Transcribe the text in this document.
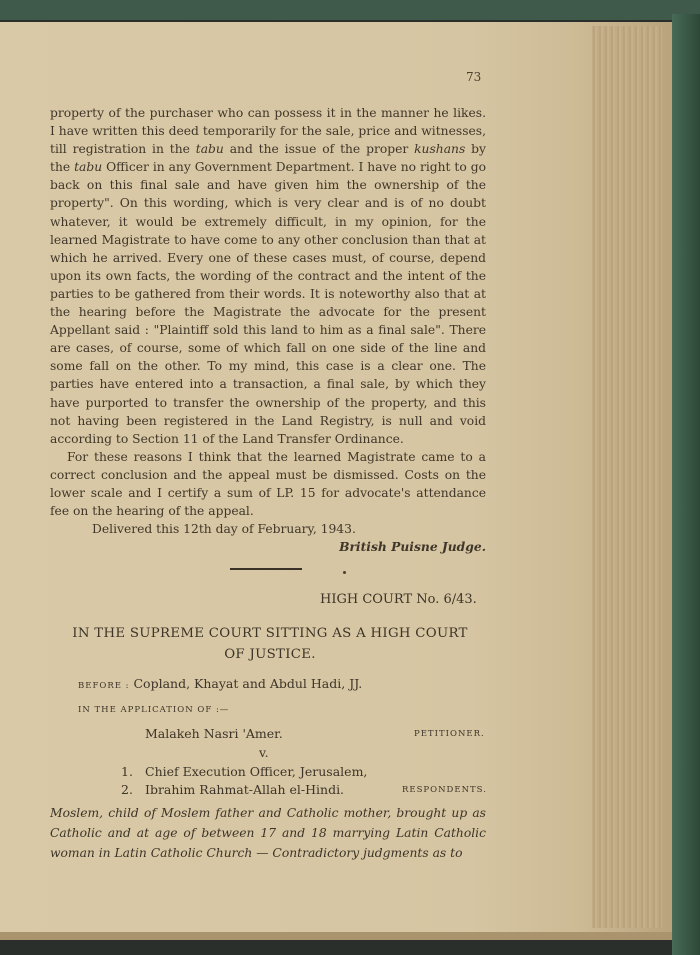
73

property of the purchaser who can possess it in the manner he likes. I have written this deed temporarily for the sale, price and witnesses, till registration in the tabu and the issue of the proper kushans by the tabu Officer in any Government Department. I have no right to go back on this final sale and have given him the ownership of the property". On this wording, which is very clear and is of no doubt whatever, it would be extremely difficult, in my opinion, for the learned Magistrate to have come to any other conclusion than that at which he arrived. Every one of these cases must, of course, depend upon its own facts, the wording of the contract and the intent of the parties to be gathered from their words. It is noteworthy also that at the hearing before the Magistrate the advocate for the present Appellant said : "Plaintiff sold this land to him as a final sale". There are cases, of course, some of which fall on one side of the line and some fall on the other. To my mind, this case is a clear one. The parties have entered into a transaction, a final sale, by which they have purported to transfer the ownership of the property, and this not having been registered in the Land Registry, is null and void according to Section 11 of the Land Transfer Ordinance.

For these reasons I think that the learned Magistrate came to a correct conclusion and the appeal must be dismissed. Costs on the lower scale and I certify a sum of LP. 15 for advocate's attendance fee on the hearing of the appeal.

Delivered this 12th day of February, 1943.

British Puisne Judge.

HIGH COURT No. 6/43.
IN THE SUPREME COURT SITTING AS A HIGH COURT
OF JUSTICE.
BEFORE : Copland, Khayat and Abdul Hadi, JJ.
IN THE APPLICATION OF :—
Malakeh Nasri 'Amer.	PETITIONER.
v.
1. Chief Execution Officer, Jerusalem,
2. Ibrahim Rahmat-Allah el-Hindi.	RESPONDENTS.

Moslem, child of Moslem father and Catholic mother, brought up as Catholic and at age of between 17 and 18 marrying Latin Catholic woman in Latin Catholic Church — Contradictory judgments as to
